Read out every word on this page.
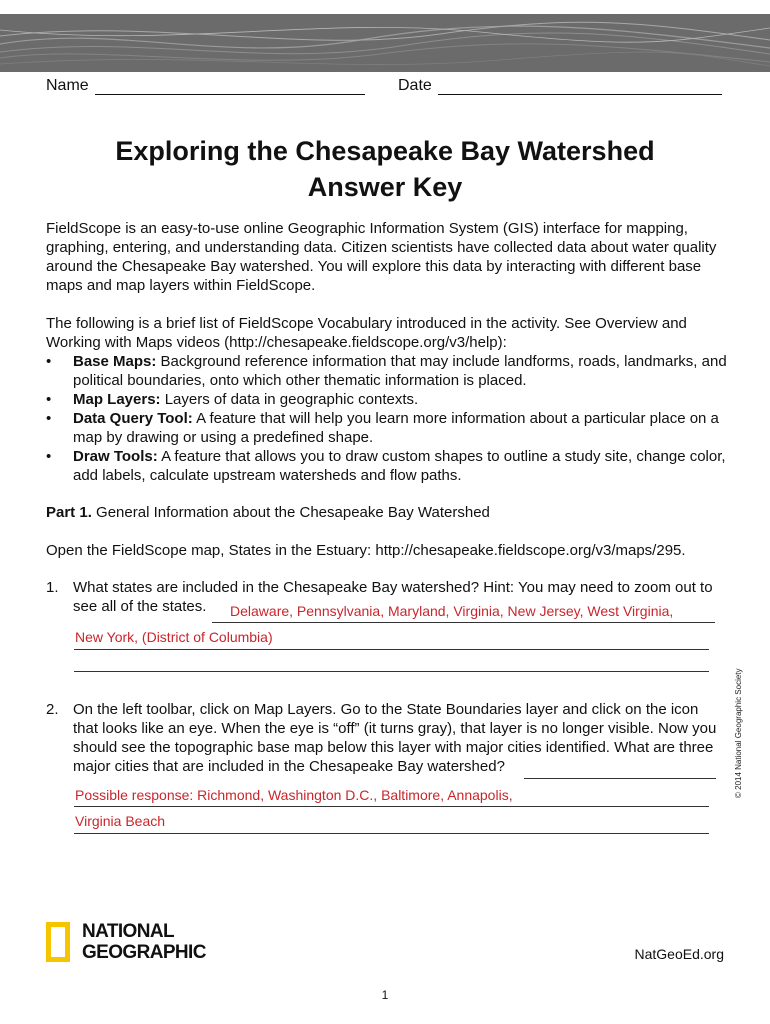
Name	Date
Exploring the Chesapeake Bay Watershed
Answer Key
FieldScope is an easy-to-use online Geographic Information System (GIS) interface for mapping, graphing, entering, and understanding data. Citizen scientists have collected data about water quality around the Chesapeake Bay watershed. You will explore this data by interacting with different base maps and map layers within FieldScope.
The following is a brief list of FieldScope Vocabulary introduced in the activity. See Overview and Working with Maps videos (http://chesapeake.fieldscope.org/v3/help):
• Base Maps: Background reference information that may include landforms, roads, landmarks, and political boundaries, onto which other thematic information is placed.
• Map Layers: Layers of data in geographic contexts.
• Data Query Tool: A feature that will help you learn more information about a particular place on a map by drawing or using a predefined shape.
• Draw Tools: A feature that allows you to draw custom shapes to outline a study site, change color, add labels, calculate upstream watersheds and flow paths.
Part 1. General Information about the Chesapeake Bay Watershed
Open the FieldScope map, States in the Estuary: http://chesapeake.fieldscope.org/v3/maps/295.
1. What states are included in the Chesapeake Bay watershed? Hint: You may need to zoom out to
see all of the states.	Delaware, Pennsylvania, Maryland, Virginia, New Jersey, West Virginia,
New York, (District of Columbia)
2. On the left toolbar, click on Map Layers. Go to the State Boundaries layer and click on the icon
that looks like an eye. When the eye is “off” (it turns gray), that layer is no longer visible. Now you
should see the topographic base map below this layer with major cities identified. What are three
major cities that are included in the Chesapeake Bay watershed?
Possible response: Richmond, Washington D.C., Baltimore, Annapolis,
Virginia Beach
© 2014 National Geographic Society
NATIONAL
GEOGRAPHIC	NatGeoEd.org
1
